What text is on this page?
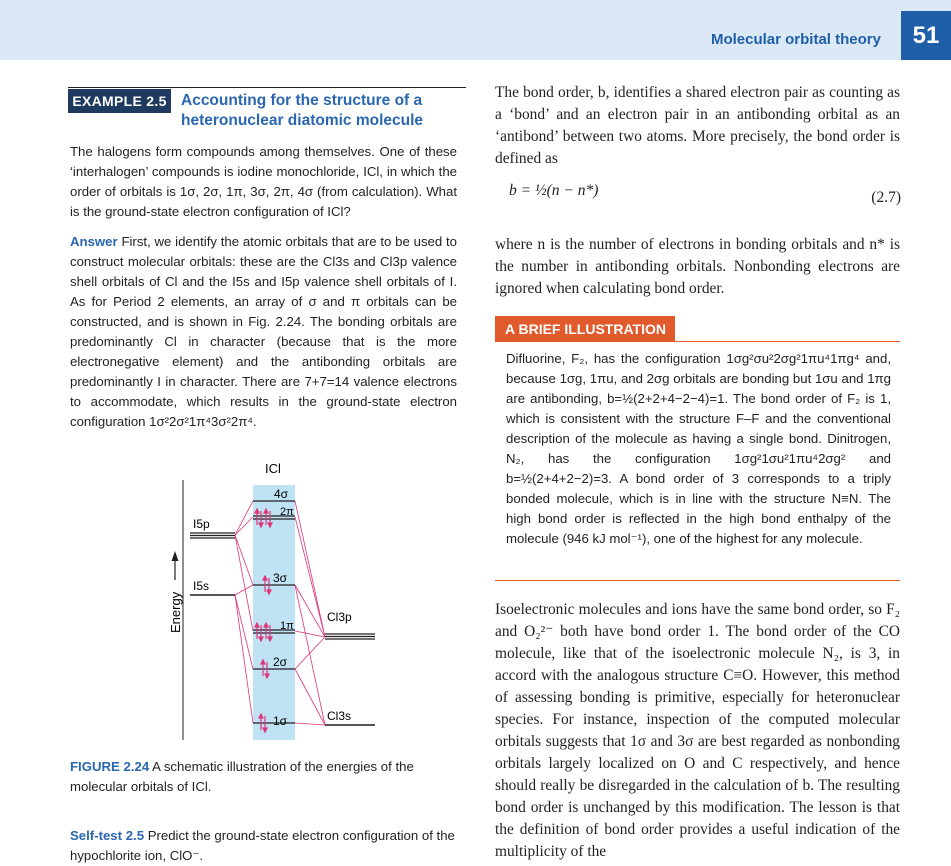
Molecular orbital theory	51
EXAMPLE 2.5 Accounting for the structure of a heteronuclear diatomic molecule
The halogens form compounds among themselves. One of these ‘interhalogen’ compounds is iodine monochloride, ICl, in which the order of orbitals is 1σ, 2σ, 1π, 3σ, 2π, 4σ (from calculation). What is the ground-state electron configuration of ICl?
Answer First, we identify the atomic orbitals that are to be used to construct molecular orbitals: these are the Cl3s and Cl3p valence shell orbitals of Cl and the I5s and I5p valence shell orbitals of I. As for Period 2 elements, an array of σ and π orbitals can be constructed, and is shown in Fig. 2.24. The bonding orbitals are predominantly Cl in character (because that is the more electronegative element) and the antibonding orbitals are predominantly I in character. There are 7+7=14 valence electrons to accommodate, which results in the ground-state electron configuration 1σ²2σ²1π⁴3σ²2π⁴.
Energy
ICl
I5p
I5s
Cl3p
Cl3s
4σ
2π
3σ
1π
2σ
1σ
FIGURE 2.24 A schematic illustration of the energies of the molecular orbitals of ICl.
Self-test 2.5 Predict the ground-state electron configuration of the hypochlorite ion, ClO⁻.
The bond order, b, identifies a shared electron pair as counting as a ‘bond’ and an electron pair in an antibonding orbital as an ‘antibond’ between two atoms. More precisely, the bond order is defined as
b = ½(n − n*)	(2.7)
where n is the number of electrons in bonding orbitals and n* is the number in antibonding orbitals. Nonbonding electrons are ignored when calculating bond order.
A BRIEF ILLUSTRATION
Difluorine, F₂, has the configuration 1σg²σu²2σg²1πu⁴1πg⁴ and, because 1σg, 1πu, and 2σg orbitals are bonding but 1σu and 1πg are antibonding, b=½(2+2+4−2−4)=1. The bond order of F₂ is 1, which is consistent with the structure F–F and the conventional description of the molecule as having a single bond. Dinitrogen, N₂, has the configuration 1σg²1σu²1πu⁴2σg² and b=½(2+4+2−2)=3. A bond order of 3 corresponds to a triply bonded molecule, which is in line with the structure N≡N. The high bond order is reflected in the high bond enthalpy of the molecule (946 kJ mol⁻¹), one of the highest for any molecule.
Isoelectronic molecules and ions have the same bond order, so F₂ and O₂²⁻ both have bond order 1. The bond order of the CO molecule, like that of the isoelectronic molecule N₂, is 3, in accord with the analogous structure C≡O. However, this method of assessing bonding is primitive, especially for heteronuclear species. For instance, inspection of the computed molecular orbitals suggests that 1σ and 3σ are best regarded as nonbonding orbitals largely localized on O and C respectively, and hence should really be disregarded in the calculation of b. The resulting bond order is unchanged by this modification. The lesson is that the definition of bond order provides a useful indication of the multiplicity of the
